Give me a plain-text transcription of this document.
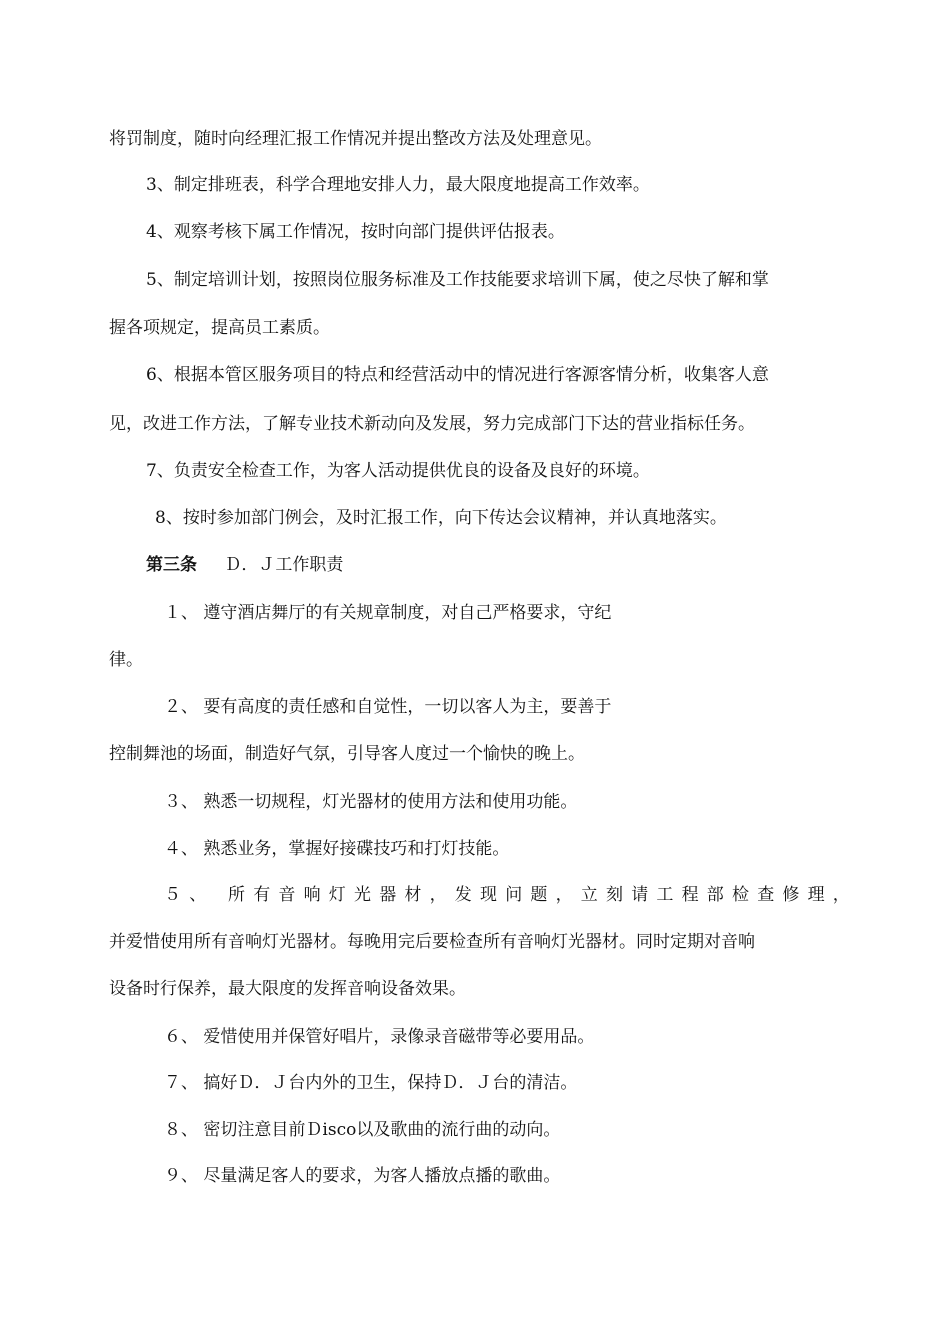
将罚制度，随时向经理汇报工作情况并提出整改方法及处理意见。
3、制定排班表，科学合理地安排人力，最大限度地提高工作效率。
4、观察考核下属工作情况，按时向部门提供评估报表。
5、制定培训计划，按照岗位服务标准及工作技能要求培训下属，使之尽快了解和掌
握各项规定，提高员工素质。
6、根据本管区服务项目的特点和经营活动中的情况进行客源客情分析，收集客人意
见，改进工作方法，了解专业技术新动向及发展，努力完成部门下达的营业指标任务。
7、负责安全检查工作，为客人活动提供优良的设备及良好的环境。
8、按时参加部门例会，及时汇报工作，向下传达会议精神，并认真地落实。
第三条 Ｄ．Ｊ工作职责
１、 遵守酒店舞厅的有关规章制度，对自己严格要求，守纪
律。
２、 要有高度的责任感和自觉性，一切以客人为主，要善于
控制舞池的场面，制造好气氛，引导客人度过一个愉快的晚上。
３、 熟悉一切规程，灯光器材的使用方法和使用功能。
４、 熟悉业务，掌握好接碟技巧和打灯技能。
５、 所有音响灯光器材，发现问题，立刻请工程部检查修理，
并爱惜使用所有音响灯光器材。每晚用完后要检查所有音响灯光器材。同时定期对音响
设备时行保养，最大限度的发挥音响设备效果。
６、 爱惜使用并保管好唱片，录像录音磁带等必要用品。
７、 搞好Ｄ．Ｊ台内外的卫生，保持Ｄ．Ｊ台的清洁。
８、 密切注意目前Ｄisco以及歌曲的流行曲的动向。
９、 尽量满足客人的要求，为客人播放点播的歌曲。
